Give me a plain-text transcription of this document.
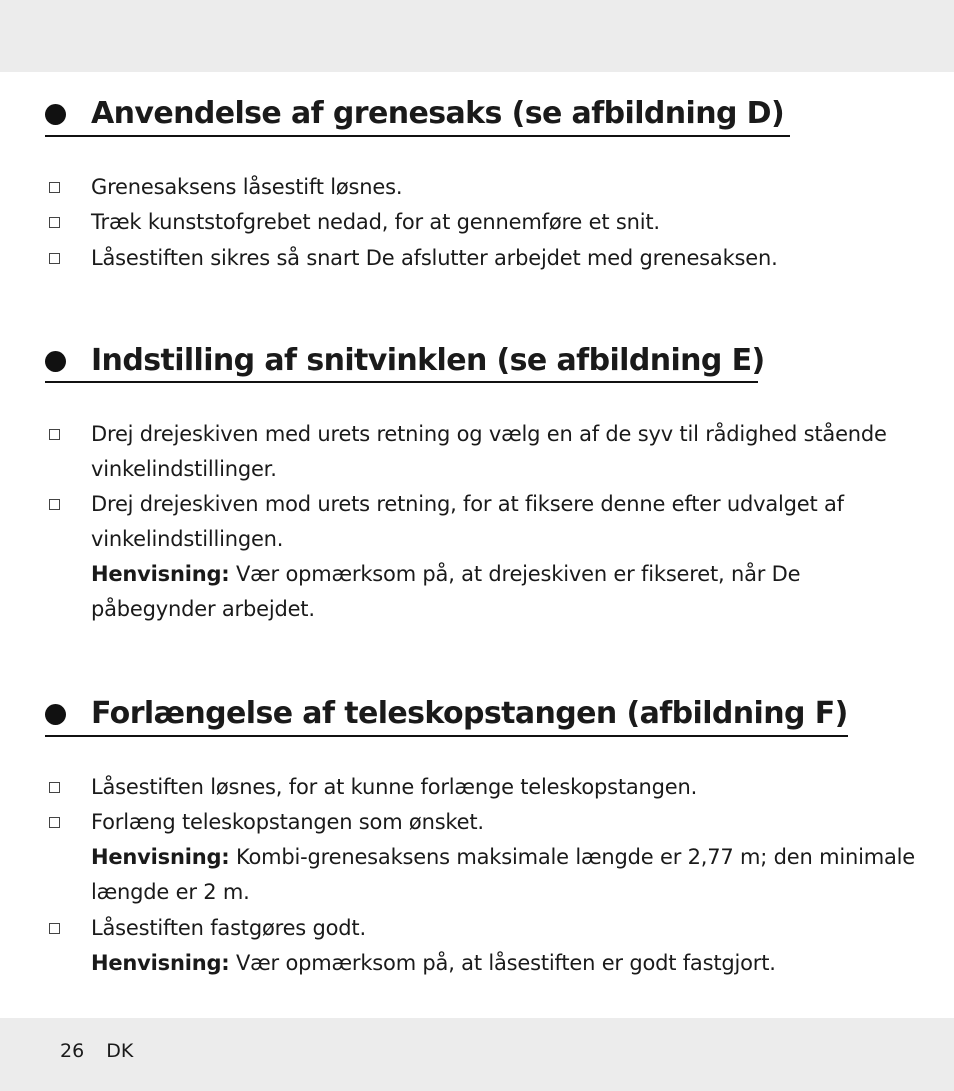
Anvendelse af grenesaks (se afbildning D)
Grenesaksens låsestift løsnes.
Træk kunststofgrebet nedad, for at gennemføre et snit.
Låsestiften sikres så snart De afslutter arbejdet med grenesaksen.
Indstilling af snitvinklen (se afbildning E)
Drej drejeskiven med urets retning og vælg en af de syv til rådighed stående vinkelindstillinger.
Drej drejeskiven mod urets retning, for at fiksere denne efter udvalget af vinkelindstillingen.
Henvisning: Vær opmærksom på, at drejeskiven er fikseret, når De påbegynder arbejdet.
Forlængelse af teleskopstangen (afbildning F)
Låsestiften løsnes, for at kunne forlænge teleskopstangen.
Forlæng teleskopstangen som ønsket.
Henvisning: Kombi-grenesaksens maksimale længde er 2,77 m; den minimale længde er 2 m.
Låsestiften fastgøres godt.
Henvisning: Vær opmærksom på, at låsestiften er godt fastgjort.
26 DK
